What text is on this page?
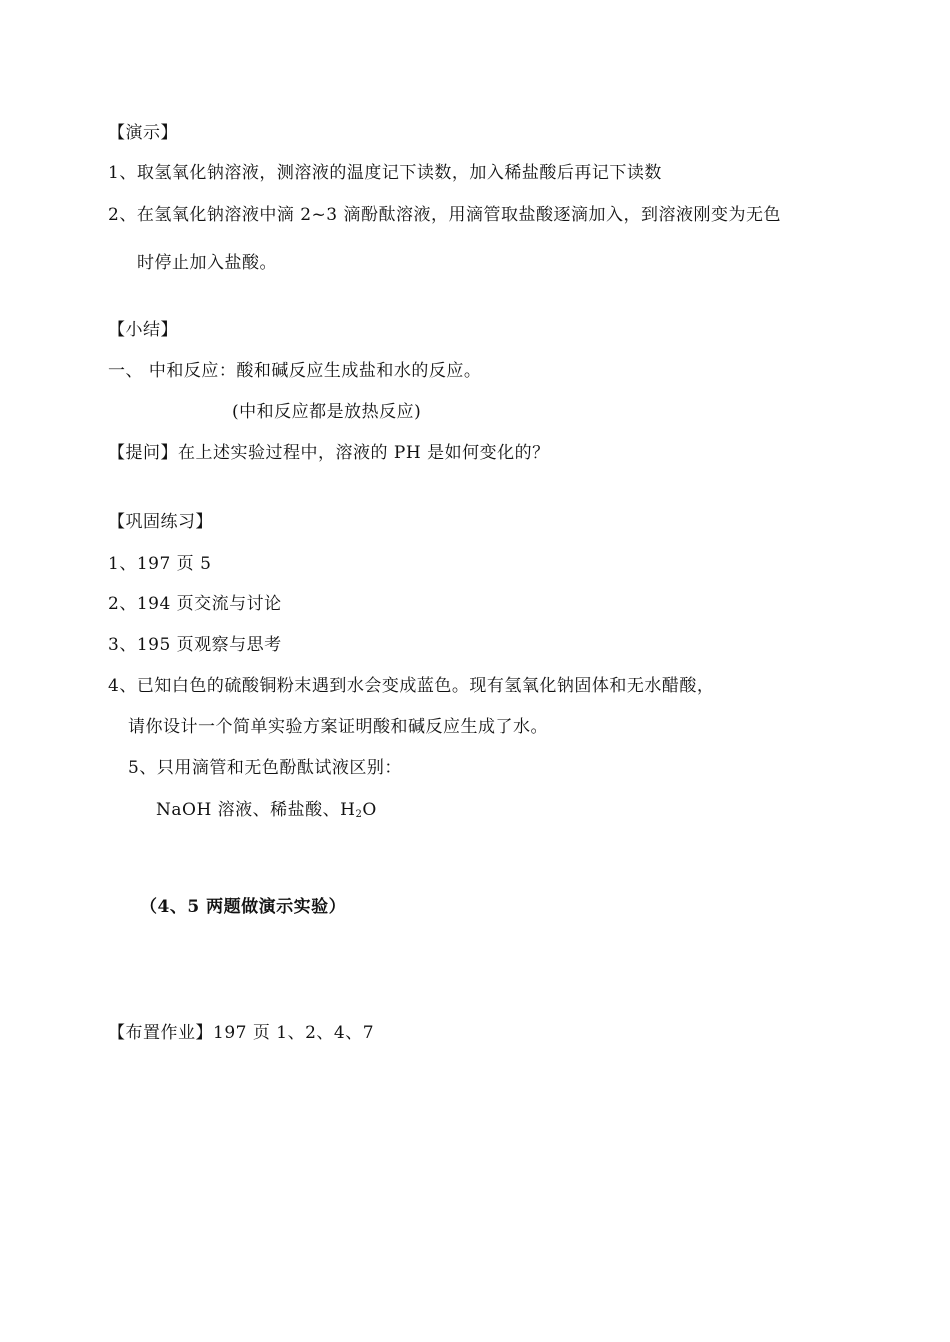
【演示】
1、取氢氧化钠溶液，测溶液的温度记下读数，加入稀盐酸后再记下读数
2、在氢氧化钠溶液中滴 2~3 滴酚酞溶液，用滴管取盐酸逐滴加入，到溶液刚变为无色
时停止加入盐酸。
【小结】
一、 中和反应：酸和碱反应生成盐和水的反应。
(中和反应都是放热反应)
【提问】在上述实验过程中，溶液的 PH 是如何变化的？
【巩固练习】
1、197 页 5
2、194 页交流与讨论
3、195 页观察与思考
4、已知白色的硫酸铜粉末遇到水会变成蓝色。现有氢氧化钠固体和无水醋酸，
请你设计一个简单实验方案证明酸和碱反应生成了水。
5、只用滴管和无色酚酞试液区别：
NaOH 溶液、稀盐酸、$H_2O$
（4、5 两题做演示实验）
【布置作业】197 页 1、2、4、7
